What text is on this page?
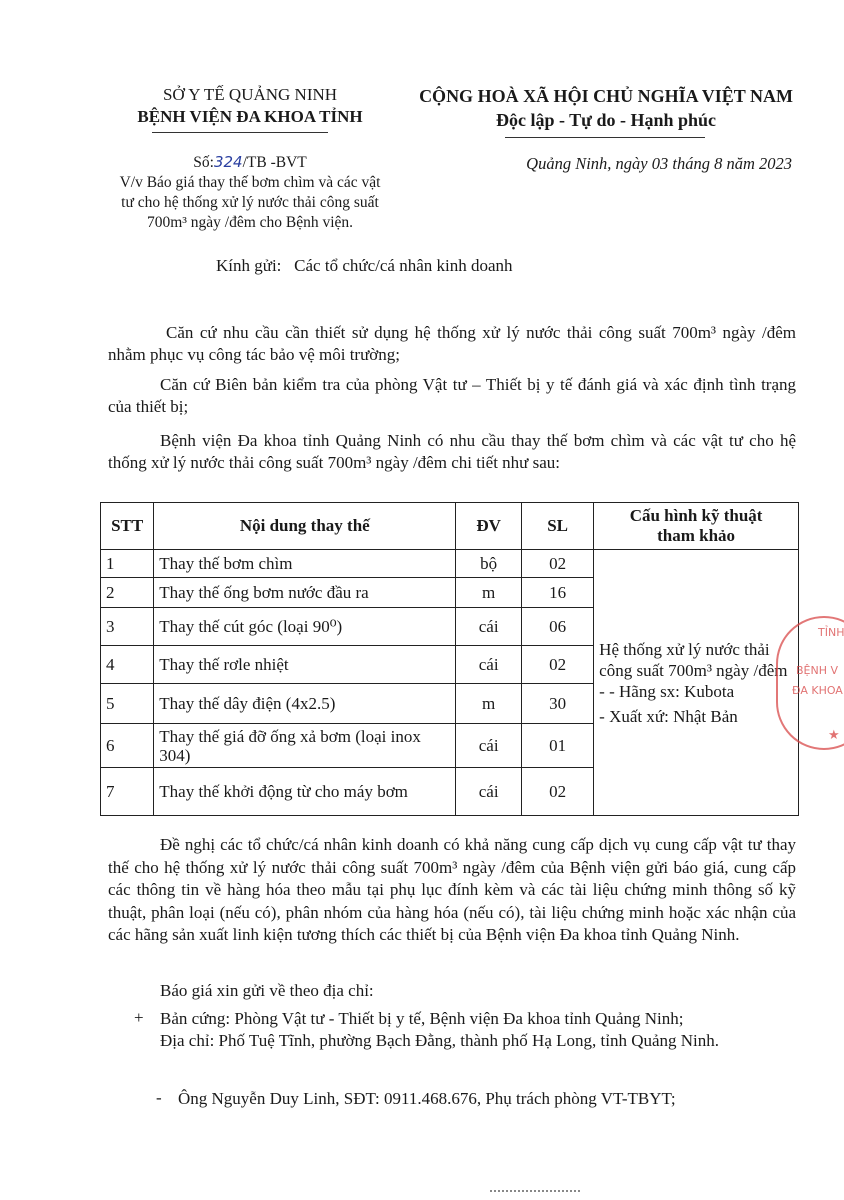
SỞ Y TẾ QUẢNG NINH
BỆNH VIỆN ĐA KHOA TỈNH
CỘNG HOÀ XÃ HỘI CHỦ NGHĨA VIỆT NAM
Độc lập - Tự do - Hạnh phúc
Số:324/TB -BVT
V/v Báo giá thay thế bơm chìm và các vật
tư cho hệ thống xử lý nước thải công suất
700m³ ngày /đêm cho Bệnh viện.
Quảng Ninh, ngày 03 tháng 8 năm 2023
Kính gửi: Các tổ chức/cá nhân kinh doanh
Căn cứ nhu cầu cần thiết sử dụng hệ thống xử lý nước thải công suất 700m³ ngày /đêm nhằm phục vụ công tác bảo vệ môi trường;
Căn cứ Biên bản kiểm tra của phòng Vật tư – Thiết bị y tế đánh giá và xác định tình trạng của thiết bị;
Bệnh viện Đa khoa tỉnh Quảng Ninh có nhu cầu thay thế bơm chìm và các vật tư cho hệ thống xử lý nước thải công suất 700m³ ngày /đêm chi tiết như sau:
STT	Nội dung thay thế	ĐV	SL	Cấu hình kỹ thuật
tham khảo

1	Thay thế bơm chìm	bộ	02	Hệ thống xử lý nước thải công suất 700m³ ngày /đêm - - Hãng sx: Kubota
- Xuất xứ: Nhật Bản

2	Thay thế ống bơm nước đầu ra	m	16	
3	Thay thế cút góc (loại 90⁰)	cái	06	
4	Thay thế rơle nhiệt	cái	02	
5	Thay thế dây điện (4x2.5)	m	30	
6	Thay thế giá đỡ ống xả bơm (loại inox 304)	cái	01	
7	Thay thế khởi động từ cho máy bơm	cái	02	
TỈNH
BỆNH V
ĐA KHOA
★
Đề nghị các tổ chức/cá nhân kinh doanh có khả năng cung cấp dịch vụ cung cấp vật tư thay thế cho hệ thống xử lý nước thải công suất 700m³ ngày /đêm của Bệnh viện gửi báo giá, cung cấp các thông tin về hàng hóa theo mẫu tại phụ lục đính kèm và các tài liệu chứng minh thông số kỹ thuật, phân loại (nếu có), phân nhóm của hàng hóa (nếu có), tài liệu chứng minh hoặc xác nhận của các hãng sản xuất linh kiện tương thích các thiết bị của Bệnh viện Đa khoa tỉnh Quảng Ninh.
Báo giá xin gửi về theo địa chỉ:
+ Bản cứng: Phòng Vật tư - Thiết bị y tế, Bệnh viện Đa khoa tỉnh Quảng Ninh;
Địa chỉ: Phố Tuệ Tĩnh, phường Bạch Đằng, thành phố Hạ Long, tỉnh Quảng Ninh.
- Ông Nguyễn Duy Linh, SĐT: 0911.468.676, Phụ trách phòng VT-TBYT;
